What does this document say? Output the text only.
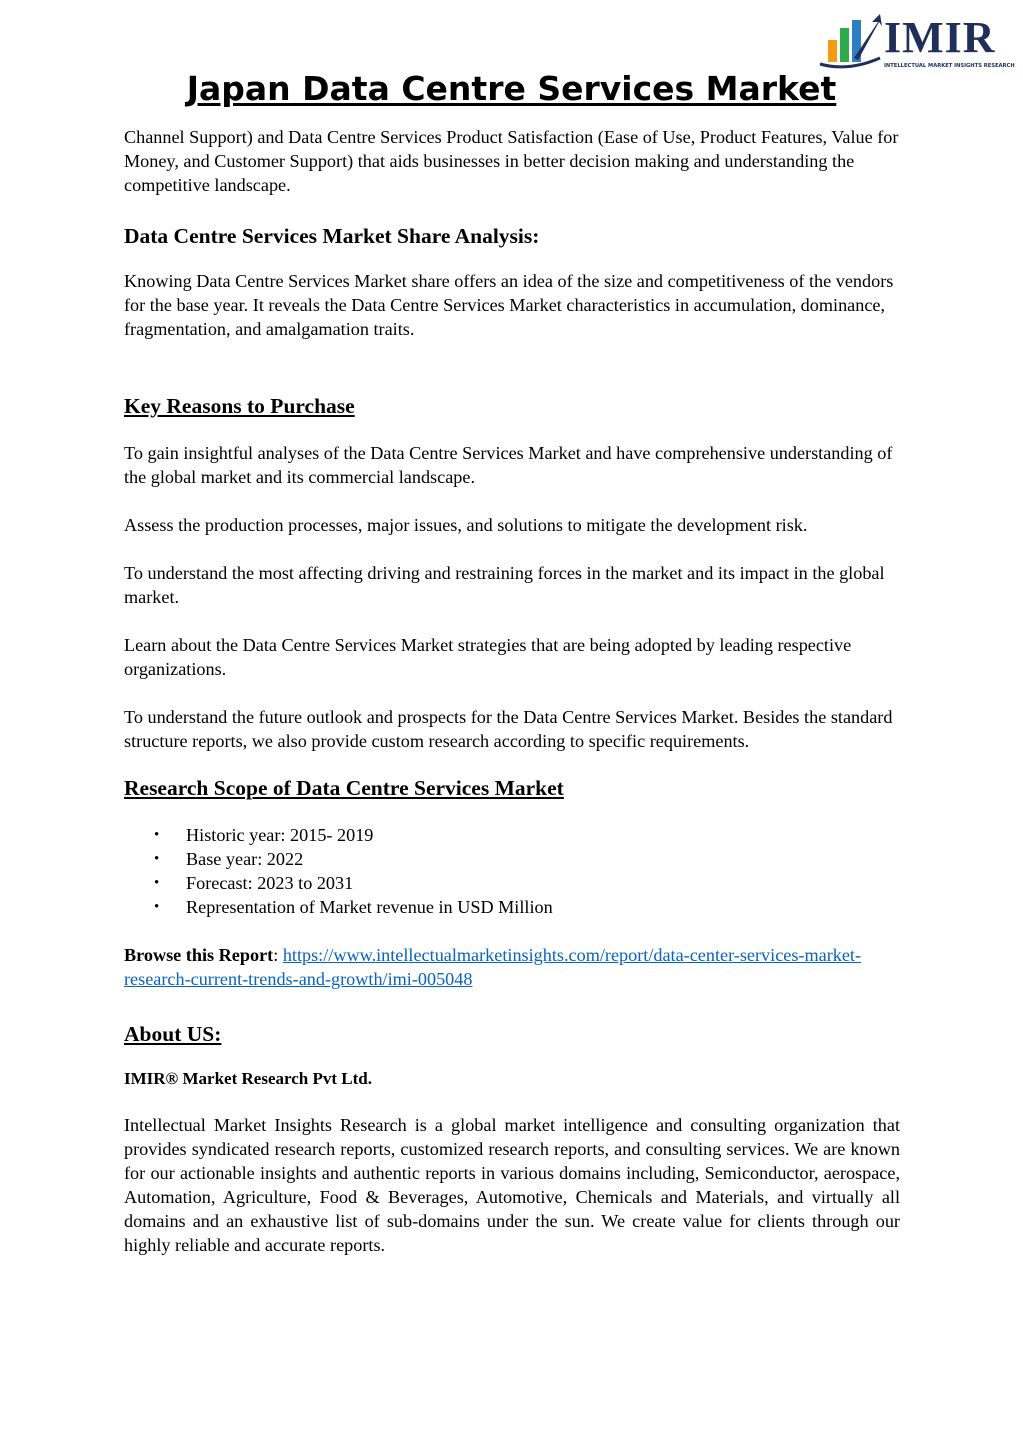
IMIR
INTELLECTUAL MARKET INSIGHTS RESEARCH
Japan Data Centre Services Market

Channel Support) and Data Centre Services Product Satisfaction (Ease of Use, Product Features, Value for Money, and Customer Support) that aids businesses in better decision making and understanding the competitive landscape.

Data Centre Services Market Share Analysis:

Knowing Data Centre Services Market share offers an idea of the size and competitiveness of the vendors for the base year. It reveals the Data Centre Services Market characteristics in accumulation, dominance, fragmentation, and amalgamation traits.

Key Reasons to Purchase

To gain insightful analyses of the Data Centre Services Market and have comprehensive understanding of the global market and its commercial landscape.

Assess the production processes, major issues, and solutions to mitigate the development risk.

To understand the most affecting driving and restraining forces in the market and its impact in the global market.

Learn about the Data Centre Services Market strategies that are being adopted by leading respective organizations.

To understand the future outlook and prospects for the Data Centre Services Market. Besides the standard structure reports, we also provide custom research according to specific requirements.

Research Scope of Data Centre Services Market
• Historic year: 2015- 2019
• Base year: 2022
• Forecast: 2023 to 2031
• Representation of Market revenue in USD Million

Browse this Report: https://www.intellectualmarketinsights.com/report/data-center-services-market-research-current-trends-and-growth/imi-005048

About US:

IMIR® Market Research Pvt Ltd.

Intellectual Market Insights Research is a global market intelligence and consulting organization that provides syndicated research reports, customized research reports, and consulting services. We are known for our actionable insights and authentic reports in various domains including, Semiconductor, aerospace, Automation, Agriculture, Food & Beverages, Automotive, Chemicals and Materials, and virtually all domains and an exhaustive list of sub-domains under the sun. We create value for clients through our highly reliable and accurate reports.
